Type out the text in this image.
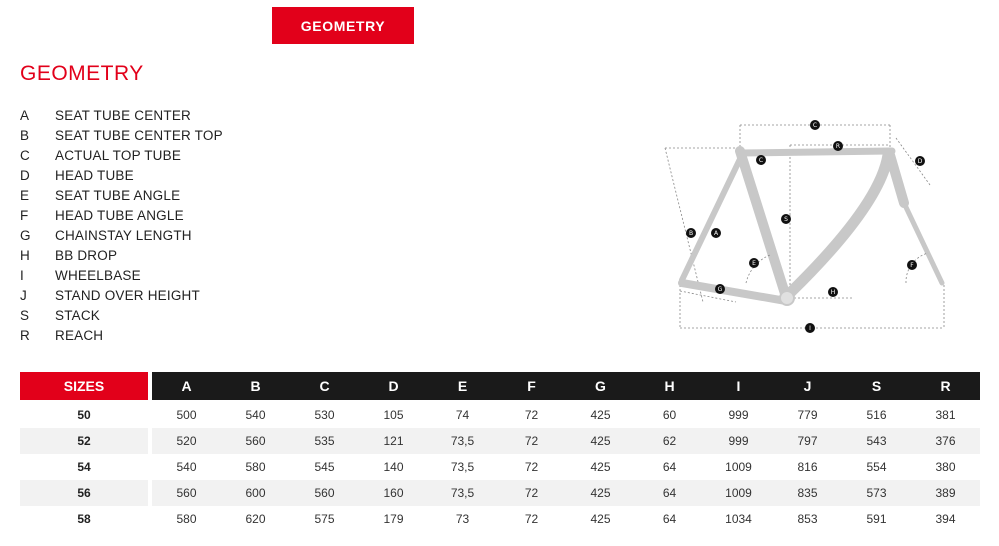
GEOMETRY
GEOMETRY
A	SEAT TUBE CENTER
B	SEAT TUBE CENTER TOP
C	ACTUAL TOP TUBE
D	HEAD TUBE
E	SEAT TUBE ANGLE
F	HEAD TUBE ANGLE
G	CHAINSTAY LENGTH
H	BB DROP
I	WHEELBASE
J	STAND OVER HEIGHT
S	STACK
R	REACH
C
R
C	D
B	A
S
E	F
G	H
I
SIZES	A	B	C	D	E	F	G	H	I	J	S	R
50	500	540	530	105	74	72	425	60	999	779	516	381
52	520	560	535	121	73,5	72	425	62	999	797	543	376
54	540	580	545	140	73,5	72	425	64	1009	816	554	380
56	560	600	560	160	73,5	72	425	64	1009	835	573	389
58	580	620	575	179	73	72	425	64	1034	853	591	394
